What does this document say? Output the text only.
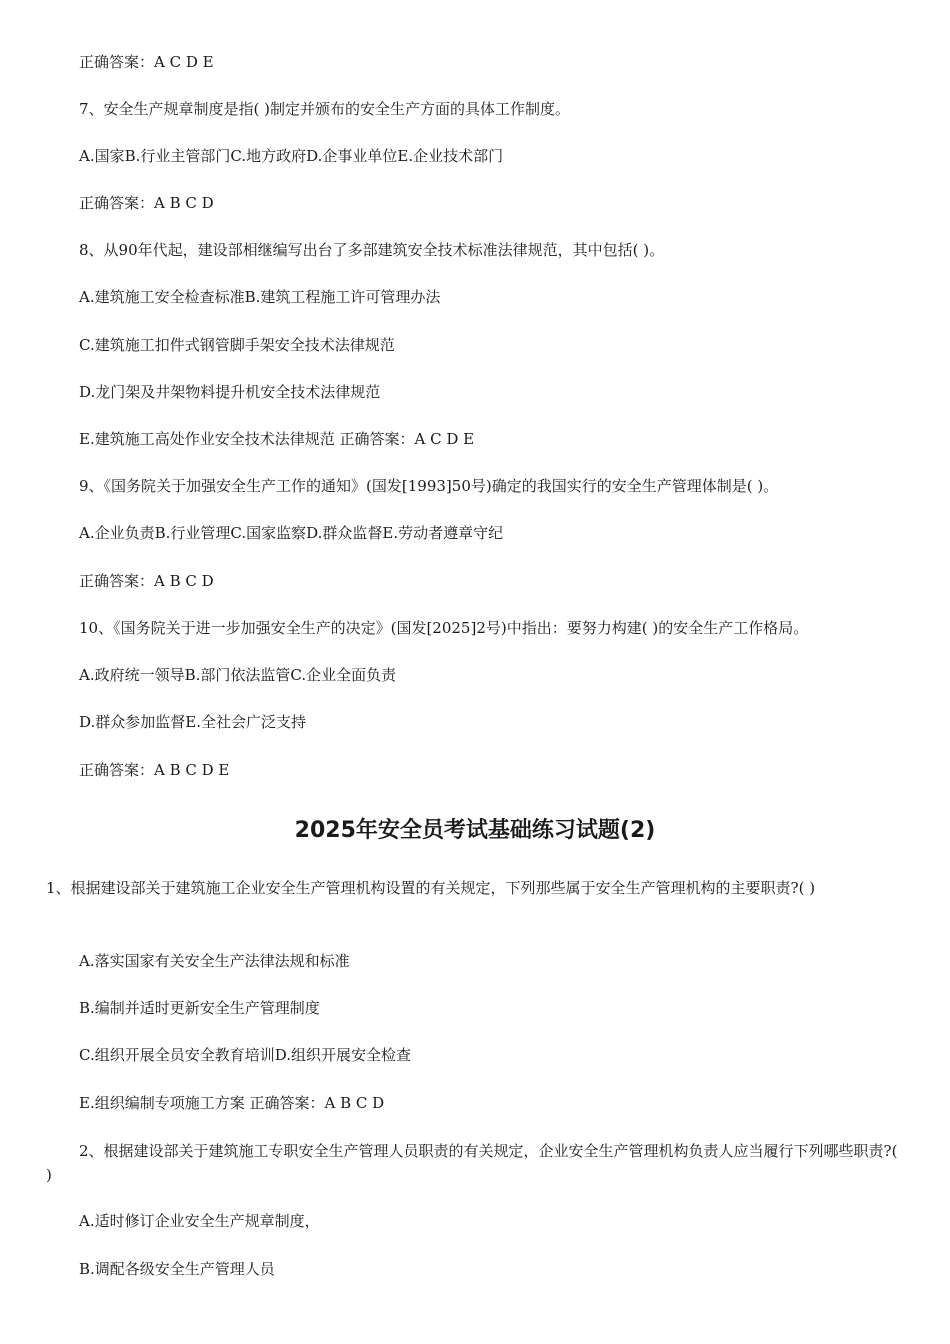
正确答案：A C D E
7、安全生产规章制度是指( )制定并颁布的安全生产方面的具体工作制度。
A.国家B.行业主管部门C.地方政府D.企事业单位E.企业技术部门
正确答案：A B C D
8、从90年代起，建设部相继编写出台了多部建筑安全技术标准法律规范，其中包括( )。
A.建筑施工安全检查标准B.建筑工程施工许可管理办法
C.建筑施工扣件式钢管脚手架安全技术法律规范
D.龙门架及井架物料提升机安全技术法律规范
E.建筑施工高处作业安全技术法律规范 正确答案：A C D E
9、《国务院关于加强安全生产工作的通知》(国发[1993]50号)确定的我国实行的安全生产管理体制是( )。
A.企业负责B.行业管理C.国家监察D.群众监督E.劳动者遵章守纪
正确答案：A B C D
10、《国务院关于进一步加强安全生产的决定》(国发[2025]2号)中指出：要努力构建( )的安全生产工作格局。
A.政府统一领导B.部门依法监管C.企业全面负责
D.群众参加监督E.全社会广泛支持
正确答案：A B C D E
2025年安全员考试基础练习试题(2)
1、根据建设部关于建筑施工企业安全生产管理机构设置的有关规定，下列那些属于安全生产管理机构的主要职责?( )
A.落实国家有关安全生产法律法规和标准
B.编制并适时更新安全生产管理制度
C.组织开展全员安全教育培训D.组织开展安全检查
E.组织编制专项施工方案 正确答案：A B C D
2、根据建设部关于建筑施工专职安全生产管理人员职责的有关规定，企业安全生产管理机构负责人应当履行下列哪些职责?( )
A.适时修订企业安全生产规章制度，
B.调配各级安全生产管理人员
